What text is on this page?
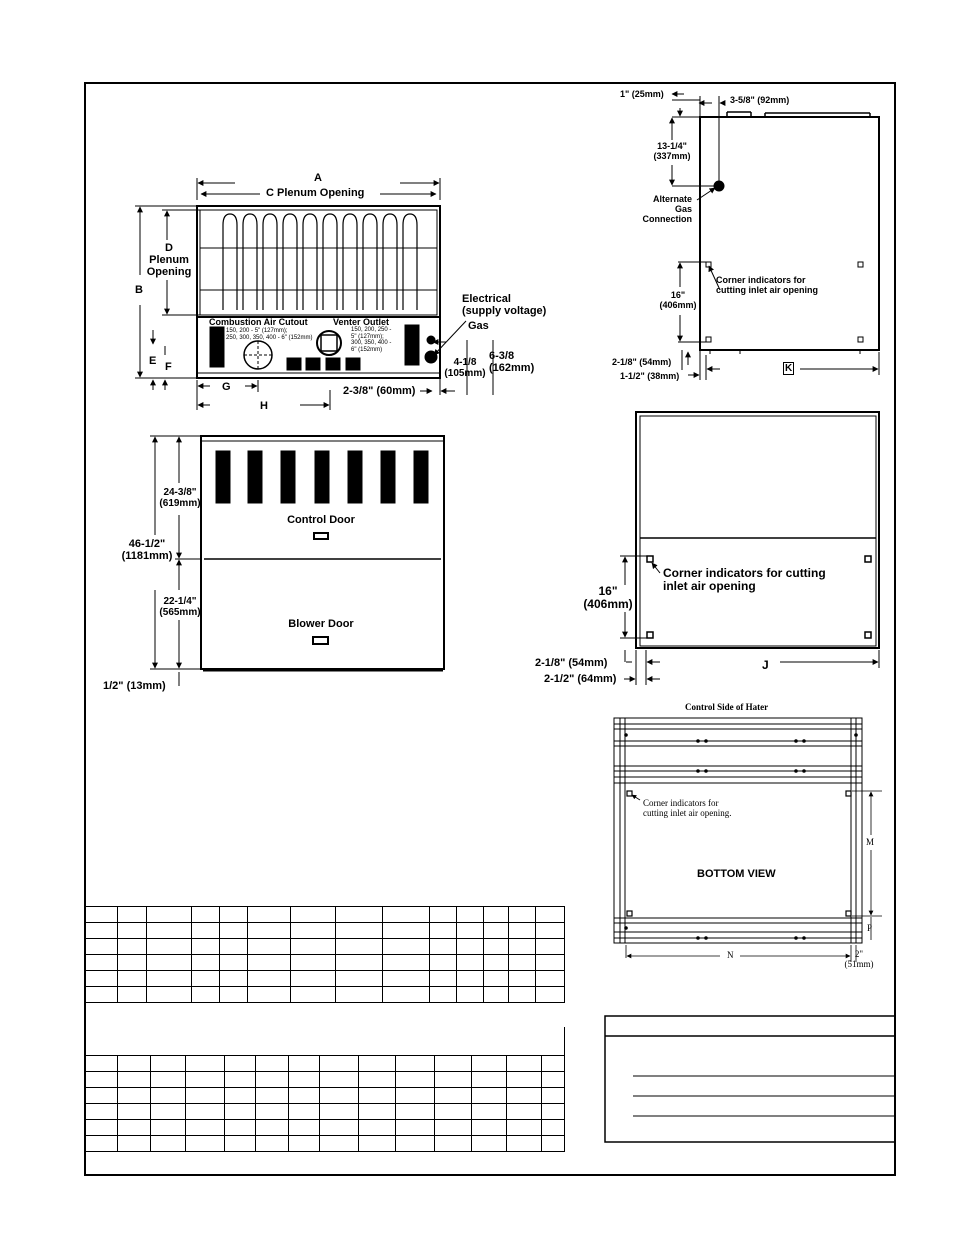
A
C Plenum Opening
D
Plenum
Opening
B
E F
G
H
Combustion Air Cutout
150, 200 - 5" (127mm);
250, 300, 350, 400 - 6" (152mm)
Venter Outlet
150, 200, 250 -
5" (127mm);
300, 350, 400 -
6" (152mm)
Electrical
(supply voltage)
Gas
4-1/8
(105mm)
6-3/8
(162mm)
2-3/8" (60mm)
1" (25mm)
3-5/8" (92mm)
13-1/4"
(337mm)
Alternate
Gas
Connection
Corner indicators for
cutting inlet air opening
16"
(406mm)
2-1/8" (54mm)
1-1/2" (38mm)
K
24-3/8"
(619mm)
46-1/2"
(1181mm)
22-1/4"
(565mm)
1/2" (13mm)
Control Door
Blower Door
Corner indicators for cutting
inlet air opening
16"
(406mm)
2-1/8" (54mm)
2-1/2" (64mm)
J
Control Side of Hater
Corner indicators for
cutting inlet air opening.
BOTTOM VIEW
M
P
N	2"
(51mm)
